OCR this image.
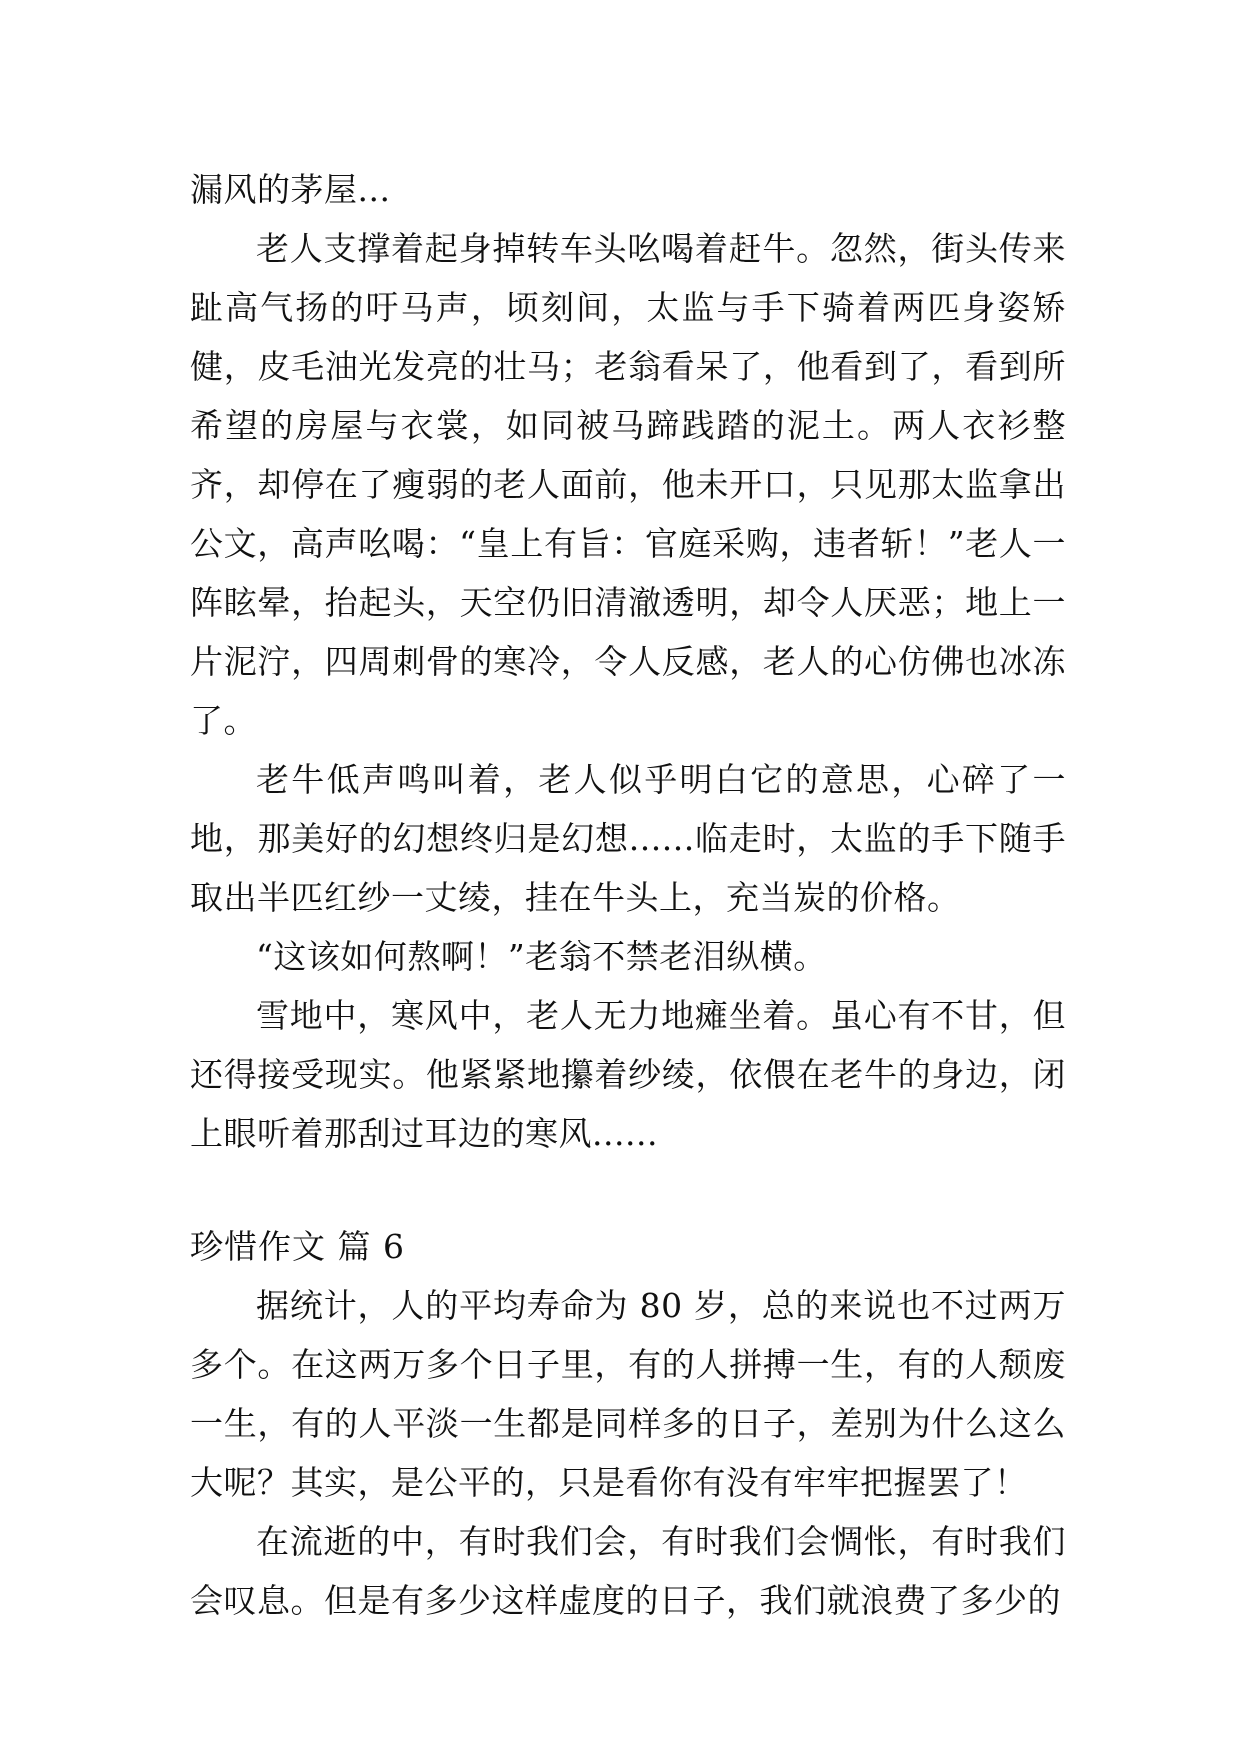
漏风的茅屋...

老人支撑着起身掉转车头吆喝着赶牛。忽然，街头传来趾高气扬的吁马声，顷刻间，太监与手下骑着两匹身姿矫健，皮毛油光发亮的壮马；老翁看呆了，他看到了，看到所希望的房屋与衣裳，如同被马蹄践踏的泥土。两人衣衫整齐，却停在了瘦弱的老人面前，他未开口，只见那太监拿出公文，高声吆喝：“皇上有旨：官庭采购，违者斩！”老人一阵眩晕，抬起头，天空仍旧清澈透明，却令人厌恶；地上一片泥泞，四周刺骨的寒冷，令人反感，老人的心仿佛也冰冻了。

老牛低声鸣叫着，老人似乎明白它的意思，心碎了一地，那美好的幻想终归是幻想......临走时，太监的手下随手取出半匹红纱一丈绫，挂在牛头上，充当炭的价格。

“这该如何熬啊！”老翁不禁老泪纵横。

雪地中，寒风中，老人无力地瘫坐着。虽心有不甘，但还得接受现实。他紧紧地攥着纱绫，依偎在老牛的身边，闭上眼听着那刮过耳边的寒风......

珍惜作文 篇 6

据统计，人的平均寿命为 80 岁，总的来说也不过两万多个。在这两万多个日子里，有的人拼搏一生，有的人颓废一生，有的人平淡一生都是同样多的日子，差别为什么这么大呢？其实，是公平的，只是看你有没有牢牢把握罢了！

在流逝的中，有时我们会，有时我们会惆怅，有时我们会叹息。但是有多少这样虚度的日子，我们就浪费了多少的
